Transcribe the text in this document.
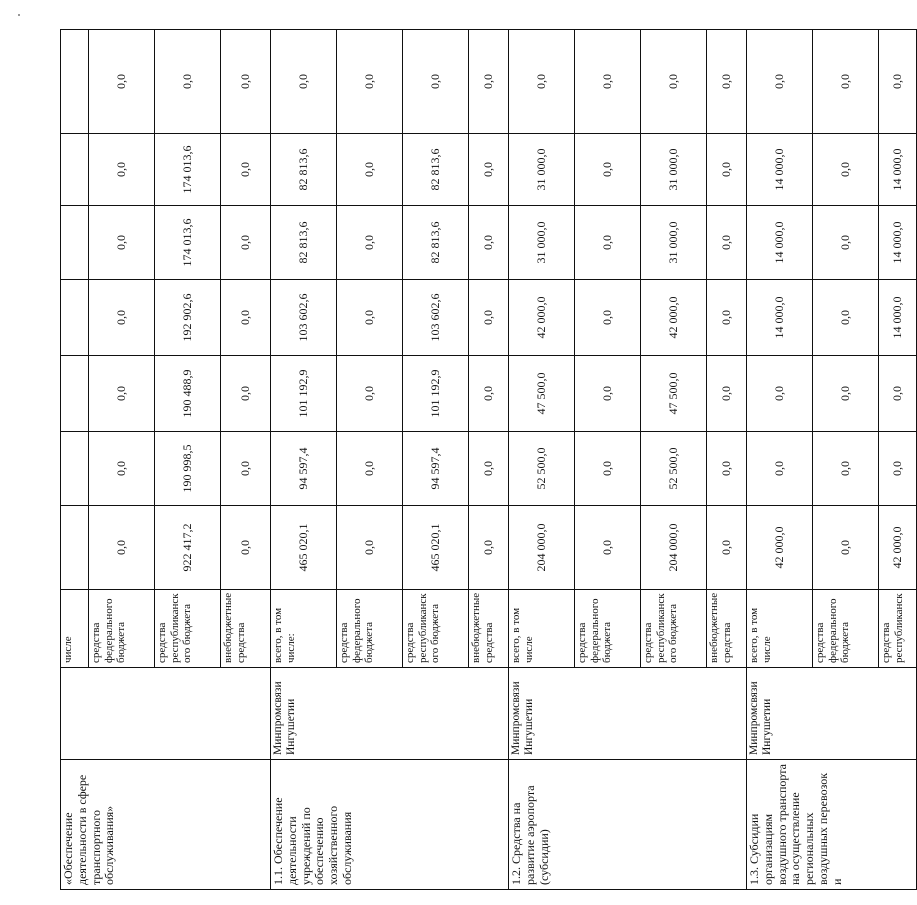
«Обеспечение деятельности в сфере транспортного обслуживания»		числе							
		средства федерального бюджета	0,0	0,0	0,0	0,0	0,0	0,0	0,0
		средства республиканск ого бюджета	922 417,2	190 998,5	190 488,9	192 902,6	174 013,6	174 013,6	0,0
		внебюджетные средства	0,0	0,0	0,0	0,0	0,0	0,0	0,0
1.1. Обеспечение деятельности учреждений по обеспечению хозяйственного обслуживания	Минпромсвязи Ингушетии	всего, в том числе:	465 020,1	94 597,4	101 192,9	103 602,6	82 813,6	82 813,6	0,0
		средства федерального бюджета	0,0	0,0	0,0	0,0	0,0	0,0	0,0
		средства республиканск ого бюджета	465 020,1	94 597,4	101 192,9	103 602,6	82 813,6	82 813,6	0,0
		внебюджетные средства	0,0	0,0	0,0	0,0	0,0	0,0	0,0
1.2. Средства на развитие аэропорта (субсидии)	Минпромсвязи Ингушетии	всего, в том числе	204 000,0	52 500,0	47 500,0	42 000,0	31 000,0	31 000,0	0,0
		средства федерального бюджета	0,0	0,0	0,0	0,0	0,0	0,0	0,0
		средства республиканск ого бюджета	204 000,0	52 500,0	47 500,0	42 000,0	31 000,0	31 000,0	0,0
		внебюджетные средства	0,0	0,0	0,0	0,0	0,0	0,0	0,0
1.3. Субсидии организациям воздушного транспорта на осуществление региональных воздушных перевозок и	Минпромсвязи Ингушетии	всего, в том числе	42 000,0	0,0	0,0	14 000,0	14 000,0	14 000,0	0,0
		средства федерального бюджета	0,0	0,0	0,0	0,0	0,0	0,0	0,0
		средства республиканск	42 000,0	0,0	0,0	14 000,0	14 000,0	14 000,0	0,0
